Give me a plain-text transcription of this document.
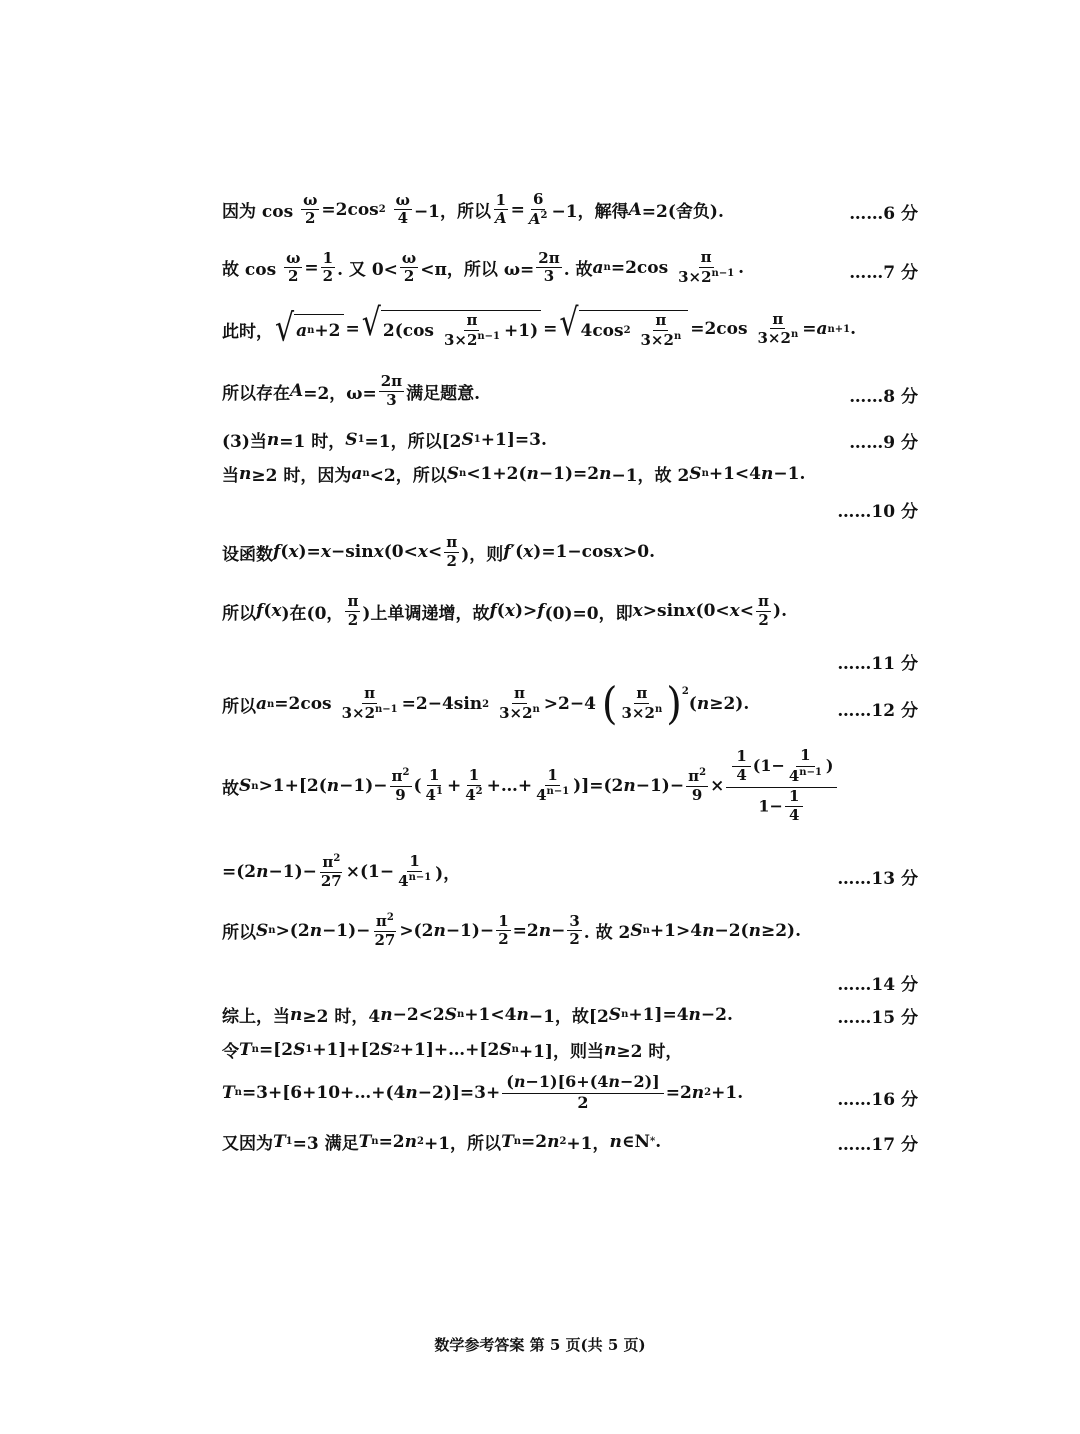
因为 $\cos \frac{\omega}{2} =2\cos$ 2
$\frac{\omega}{4} -1$，所以 $\frac{1}{A} = \frac{6}{A^2} -1$，解得 A =2(舍负).	……6 分
故 $\cos \frac{\omega}{2} = \frac{1}{2}$ . 又 $0< \frac{\omega}{2} <\pi$，所以 $\omega= \frac{2\pi}{3}$ . 故 a $n =2\cos \frac{\pi}{3\times 2^{n-1}}$ .	……7 分
此时， √ a n +2 = √ $2(\cos \frac{\pi}{3\times 2^{n-1}} +1)$ = √ 4cos 2
$\frac{\pi}{3\times 2^n} =2\cos \frac{\pi}{3\times 2^n} = a$ n+1 .
所以存在 A =2，$\omega= \frac{2\pi}{3}$ 满足题意.	……8 分
(3)当 n =1 时， S 1 =1，所以[2 S 1 +1]=3.	……9 分
当 n ≥2 时，因为 a n <2，所以 S n <1+2( n −1)=2 n −1，故 2 S n +1<4 n −1.
……10 分
设函数 f ( x )= x −sin x ($0< x < \frac{\pi}{2}$ )，则 f ′( x )=1−cos x >0.
所以 f ( x )在(0， $\frac{\pi}{2}$ )上单调递增，故 f ( x )> f (0)=0，即 x >sin x ($0< x < \frac{\pi}{2}$ ).
……11 分
所以 a $n =2\cos \frac{\pi}{3\times 2^{n-1}} =2-4\sin$ 2
$\frac{\pi}{3\times 2^n} >2-4$ ( $\frac{\pi}{3\times 2^n} )^2$
( n ≥2).	……12 分
故 S n >1+[2( $n -1)- \frac{\pi^2}{9}$ ( $\frac{1}{4^1} + \frac{1}{4^2}$ +…+ $\frac{1}{4^{n-1}} )]=(2$ $n -1)- \frac{\pi^2}{9} \times \frac{\frac{1}{4} (1- \frac{1}{4^{n-1}} )}{1- \frac{1}{4}}$
=(2 $n -1)- \frac{\pi^2}{27} \times(1- \frac{1}{4^{n-1}}$ )，	……13 分
所以 S n >(2 $n -1)- \frac{\pi^2}{27} >(2$ $n -1)- \frac{1}{2} =2$ $n - \frac{3}{2}$ . 故 2 S n +1>4 n −2( n ≥2).
……14 分
综上，当 n ≥2 时，4 n −2<2 S n +1<4 n −1，故[2 S n +1]=4 n −2.	……15 分
令 T n =[2 S 1 +1]+[2 S 2 +1]+…+[2 S n +1]，则当 n ≥2 时，
T n =3+[6+10+…+(4 $n -2)]=3+ \frac{(n-1)[6+(4n-2)]}{2} =2$ n 2 +1.	……16 分
又因为 T 1 =3 满足 T n =2 n 2 +1，所以 T n =2 n 2 +1， n ∈N * .	……17 分
数学参考答案 第 5 页(共 5 页)
